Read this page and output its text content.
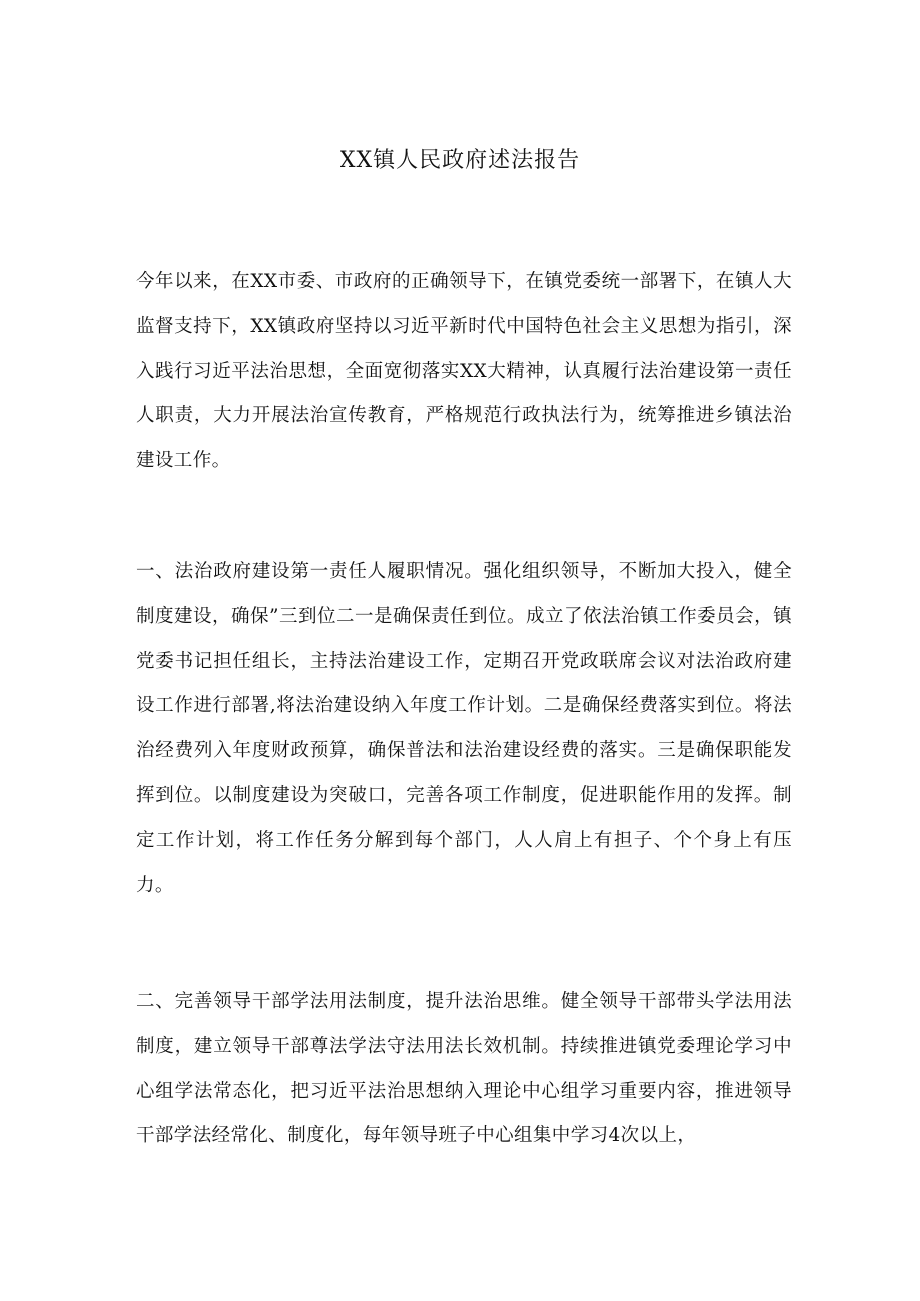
XX镇人民政府述法报告

今年以来，在XX市委、市政府的正确领导下，在镇党委统一部署下，在镇人大监督支持下，XX镇政府坚持以习近平新时代中国特色社会主义思想为指引，深入践行习近平法治思想，全面宽彻落实XX大精神，认真履行法治建设第一责任人职责，大力开展法治宣传教育，严格规范行政执法行为，统筹推进乡镇法治建设工作。

一、法治政府建设第一责任人履职情况。强化组织领导，不断加大投入，健全制度建设，确保”三到位二一是确保责任到位。成立了依法治镇工作委员会，镇党委书记担任组长，主持法治建设工作，定期召开党政联席会议对法治政府建设工作进行部署,将法治建设纳入年度工作计划。二是确保经费落实到位。将法治经费列入年度财政预算，确保普法和法治建设经费的落实。三是确保职能发挥到位。以制度建设为突破口，完善各项工作制度，促进职能作用的发挥。制定工作计划，将工作任务分解到每个部门，人人肩上有担子、个个身上有压力。

二、完善领导干部学法用法制度，提升法治思维。健全领导干部带头学法用法制度，建立领导干部尊法学法守法用法长效机制。持续推进镇党委理论学习中心组学法常态化，把习近平法治思想纳入理论中心组学习重要内容，推进领导干部学法经常化、制度化，每年领导班子中心组集中学习4次以上，
